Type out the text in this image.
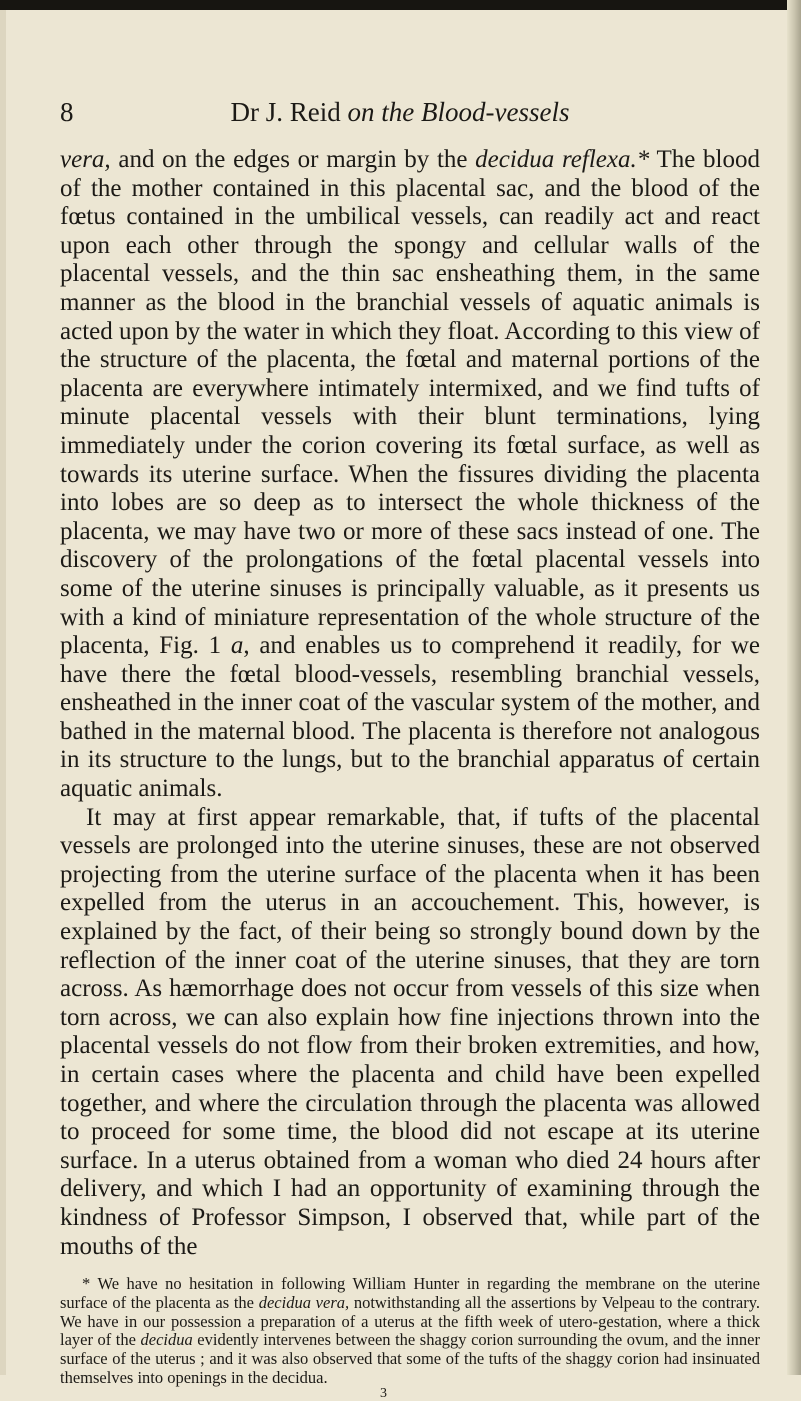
8	Dr J. Reid on the Blood-vessels

vera, and on the edges or margin by the decidua reflexa.* The blood of the mother contained in this placental sac, and the blood of the fœtus contained in the umbilical vessels, can readily act and react upon each other through the spongy and cellular walls of the placental vessels, and the thin sac ensheathing them, in the same manner as the blood in the branchial vessels of aquatic animals is acted upon by the water in which they float. According to this view of the structure of the placenta, the fœtal and maternal portions of the placenta are everywhere intimately intermixed, and we find tufts of minute placental vessels with their blunt terminations, lying immediately under the corion covering its fœtal surface, as well as towards its uterine surface. When the fissures dividing the placenta into lobes are so deep as to intersect the whole thickness of the placenta, we may have two or more of these sacs instead of one. The discovery of the prolongations of the fœtal placental vessels into some of the uterine sinuses is principally valuable, as it presents us with a kind of miniature representation of the whole structure of the placenta, Fig. 1 a, and enables us to comprehend it readily, for we have there the fœtal blood-vessels, resembling branchial vessels, ensheathed in the inner coat of the vascular system of the mother, and bathed in the maternal blood. The placenta is therefore not analogous in its structure to the lungs, but to the branchial apparatus of certain aquatic animals.

It may at first appear remarkable, that, if tufts of the placental vessels are prolonged into the uterine sinuses, these are not observed projecting from the uterine surface of the placenta when it has been expelled from the uterus in an accouchement. This, however, is explained by the fact, of their being so strongly bound down by the reflection of the inner coat of the uterine sinuses, that they are torn across. As hæmorrhage does not occur from vessels of this size when torn across, we can also explain how fine injections thrown into the placental vessels do not flow from their broken extremities, and how, in certain cases where the placenta and child have been expelled together, and where the circulation through the placenta was allowed to proceed for some time, the blood did not escape at its uterine surface. In a uterus obtained from a woman who died 24 hours after delivery, and which I had an opportunity of examining through the kindness of Professor Simpson, I observed that, while part of the mouths of the

* We have no hesitation in following William Hunter in regarding the membrane on the uterine surface of the placenta as the decidua vera, notwithstanding all the assertions by Velpeau to the contrary. We have in our possession a preparation of a uterus at the fifth week of utero-gestation, where a thick layer of the decidua evidently intervenes between the shaggy corion surrounding the ovum, and the inner surface of the uterus ; and it was also observed that some of the tufts of the shaggy corion had insinuated themselves into openings in the decidua.

3
